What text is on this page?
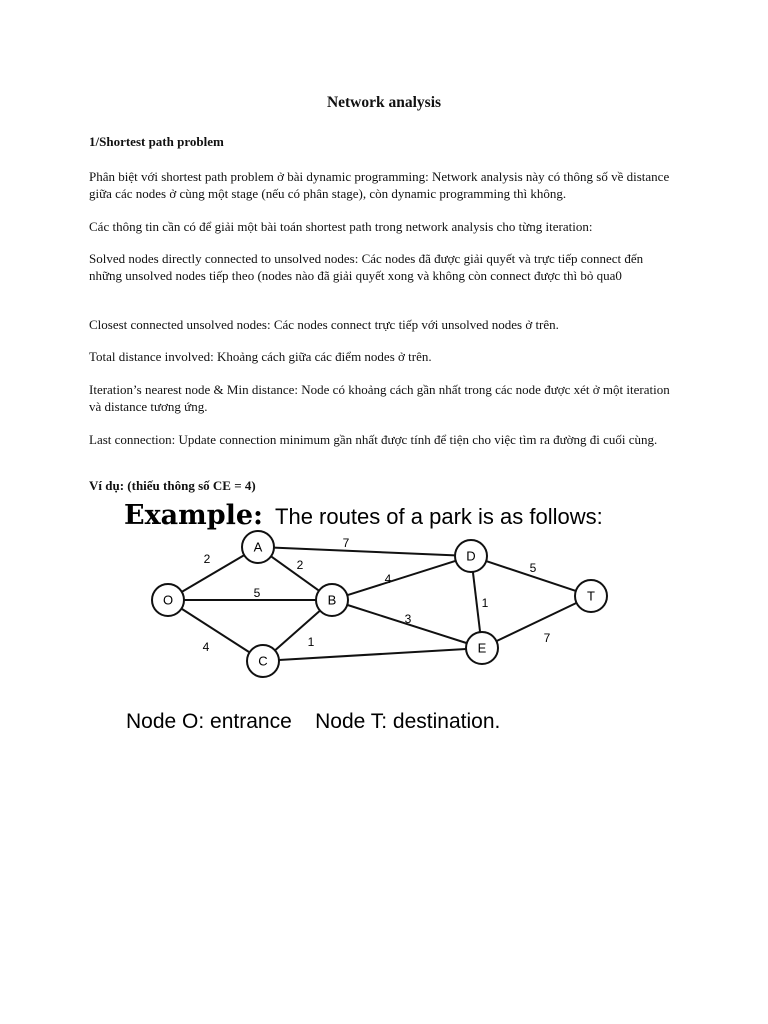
Network analysis
1/Shortest path problem
Phân biệt với shortest path problem ở bài dynamic programming: Network analysis này có thông số về distance giữa các nodes ở cùng một stage (nếu có phân stage), còn dynamic programming thì không.
Các thông tin cần có để giải một bài toán shortest path trong network analysis cho từng iteration:
Solved nodes directly connected to unsolved nodes: Các nodes đã được giải quyết và trực tiếp connect đến những unsolved nodes tiếp theo (nodes nào đã giải quyết xong và không còn connect được thì bỏ qua0
Closest connected unsolved nodes: Các nodes connect trực tiếp với unsolved nodes ở trên.
Total distance involved: Khoảng cách giữa các điểm nodes ở trên.
Iteration’s nearest node & Min distance: Node có khoảng cách gần nhất trong các node được xét ở một iteration và distance tương ứng.
Last connection: Update connection minimum gần nhất được tính để tiện cho việc tìm ra đường đi cuối cùng.
Ví dụ: (thiếu thông số CE = 4)
Example: The routes of a park is as follows:
2
5
4
2
7
4
3
1
1
5
7
O
A
B
C
D
E
T
Node O: entrance    Node T: destination.
